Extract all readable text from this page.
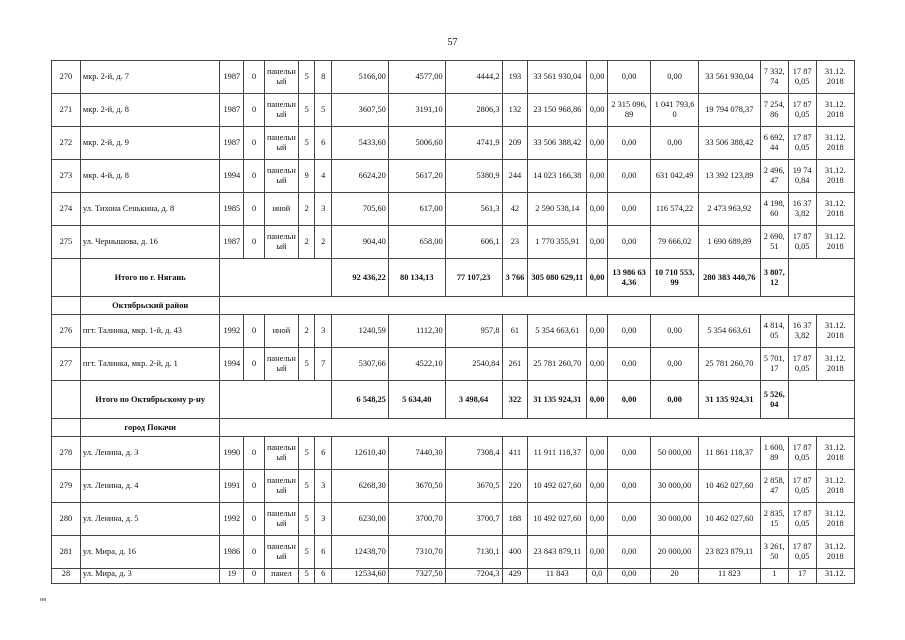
57
270	мкр. 2-й, д. 7	1987	0	панельный	5	8	5166,00	4577,00	4444,2	193	33 561 930,04	0,00	0,00	0,00	33 561 930,04	7 332,74	17 870,05	31.12. 2018
271	мкр. 2-й, д. 8	1987	0	панельный	5	5	3607,50	3191,10	2806,3	132	23 150 968,86	0,00	2 315 096,89	1 041 793,60	19 794 078,37	7 254,86	17 870,05	31.12. 2018
272	мкр. 2-й, д. 9	1987	0	панельный	5	6	5433,60	5006,60	4741,9	209	33 506 388,42	0,00	0,00	0,00	33 506 388,42	6 692,44	17 870,05	31.12. 2018
273	мкр. 4-й, д. 8	1994	0	панельный	9	4	6624,20	5617,20	5380,9	244	14 023 166,38	0,00	0,00	631 042,49	13 392 123,89	2 496,47	19 740,84	31.12. 2018
274	ул. Тихона Сенькина, д. 8	1985	0	иной	2	3	705,60	617,00	561,3	42	2 590 538,14	0,00	0,00	116 574,22	2 473 963,92	4 198,60	16 373,82	31.12. 2018
275	ул. Чернышова, д. 16	1987	0	панельный	2	2	904,40	658,00	606,1	23	1 770 355,91	0,00	0,00	79 666,02	1 690 689,89	2 690,51	17 870,05	31.12. 2018
	Итого по г. Нягань						92 436,22	80 134,13	77 107,23	3 766	305 080 629,11	0,00	13 986 634,36	10 710 553,99	280 383 440,76	3 807,12		
	Октябрьский район																	
276	пгт. Талинка, мкр. 1-й, д. 43	1992	0	иной	2	3	1240,59	1112,30	957,8	61	5 354 663,61	0,00	0,00	0,00	5 354 663,61	4 814,05	16 373,82	31.12. 2018
277	пгт. Талинка, мкр. 2-й, д. 1	1994	0	панельный	5	7	5307,66	4522,10	2540,84	261	25 781 260,70	0,00	0,00	0,00	25 781 260,70	5 701,17	17 870,05	31.12. 2018
	Итого по Октябрьскому р-ну						6 548,25	5 634,40	3 498,64	322	31 135 924,31	0,00	0,00	0,00	31 135 924,31	5 526,04		
	город Покачи																	
278	ул. Ленина, д. 3	1990	0	панельный	5	6	12610,40	7440,30	7308,4	411	11 911 118,37	0,00	0,00	50 000,00	11 861 118,37	1 600,89	17 870,05	31.12. 2018
279	ул. Ленина, д. 4	1991	0	панельный	5	3	6268,30	3670,50	3670,5	220	10 492 027,60	0,00	0,00	30 000,00	10 462 027,60	2 858,47	17 870,05	31.12. 2018
280	ул. Ленина, д. 5	1992	0	панельный	5	3	6230,00	3700,70	3700,7	188	10 492 027,60	0,00	0,00	30 000,00	10 462 027,60	2 835,15	17 870,05	31.12. 2018
281	ул. Мира, д. 16	1986	0	панельный	5	6	12438,70	7310,70	7130,1	400	23 843 879,11	0,00	0,00	20 000,00	23 823 879,11	3 261,50	17 870,05	31.12. 2018
28	ул. Мира, д. 3	19	0	панел	5	6	12534,60	7327,50	7204,3	429	11 843	0,0	0,00	20	11 823	1	17	31.12.
нв
